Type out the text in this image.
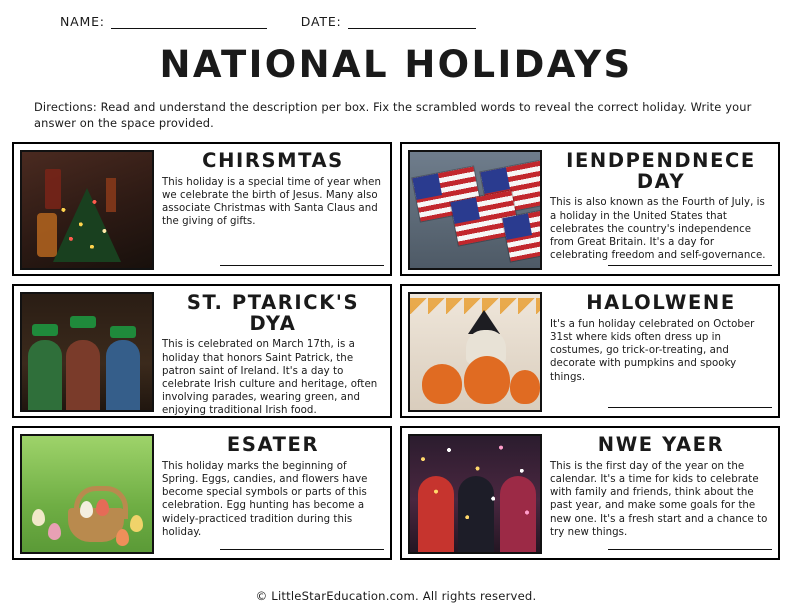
NAME:	DATE:
NATIONAL HOLIDAYS

Directions: Read and understand the description per box. Fix the scrambled words to reveal the correct holiday. Write your answer on the space provided.

CHIRSMTAS
This holiday is a special time of year when we celebrate the birth of Jesus. Many also associate Christmas with Santa Claus and the giving of gifts.
IENDPENDNECE DAY
This is also known as the Fourth of July, is a holiday in the United States that celebrates the country's independence from Great Britain. It's a day for celebrating freedom and self-governance.
ST. PTARICK'S DYA
This is celebrated on March 17th, is a holiday that honors Saint Patrick, the patron saint of Ireland. It's a day to celebrate Irish culture and heritage, often involving parades, wearing green, and enjoying traditional Irish food.
HALOLWENE
It's a fun holiday celebrated on October 31st where kids often dress up in costumes, go trick-or-treating, and decorate with pumpkins and spooky things.
ESATER
This holiday marks the beginning of Spring. Eggs, candies, and flowers have become special symbols or parts of this celebration. Egg hunting has become a widely-practiced tradition during this holiday.
NWE YAER
This is the first day of the year on the calendar. It's a time for kids to celebrate with family and friends, think about the past year, and make some goals for the new one. It's a fresh start and a chance to try new things.
© LittleStarEducation.com. All rights reserved.
